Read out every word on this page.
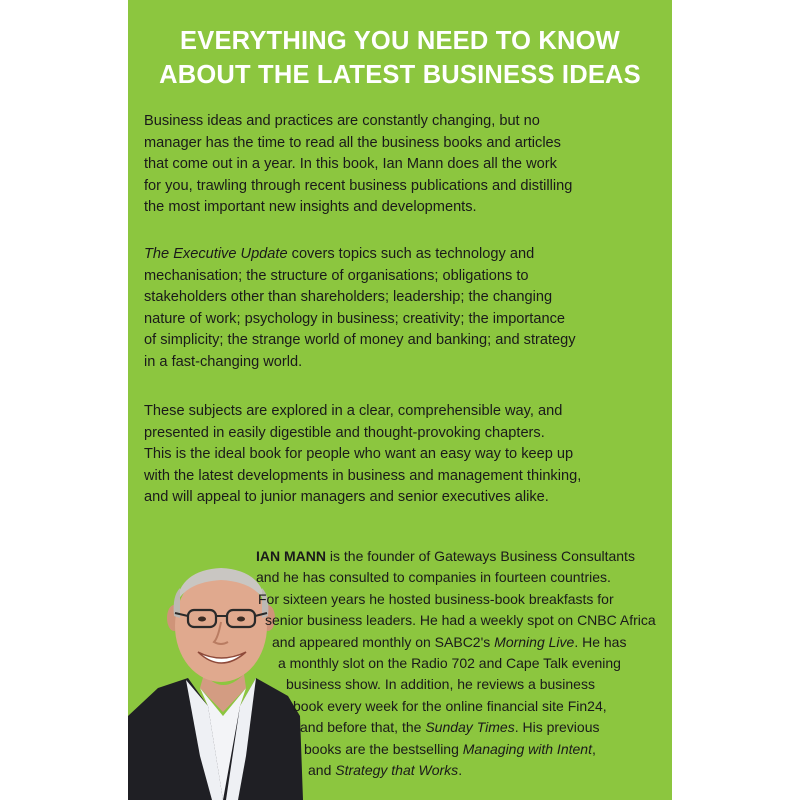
EVERYTHING YOU NEED TO KNOW
ABOUT THE LATEST BUSINESS IDEAS
Business ideas and practices are constantly changing, but no
manager has the time to read all the business books and articles
that come out in a year. In this book, Ian Mann does all the work
for you, trawling through recent business publications and distilling
the most important new insights and developments.
The Executive Update covers topics such as technology and
mechanisation; the structure of organisations; obligations to
stakeholders other than shareholders; leadership; the changing
nature of work; psychology in business; creativity; the importance
of simplicity; the strange world of money and banking; and strategy
in a fast-changing world.
These subjects are explored in a clear, comprehensible way, and
presented in easily digestible and thought-provoking chapters.
This is the ideal book for people who want an easy way to keep up
with the latest developments in business and management thinking,
and will appeal to junior managers and senior executives alike.
IAN MANN is the founder of Gateways Business Consultants
and he has consulted to companies in fourteen countries.
For sixteen years he hosted business-book breakfasts for
senior business leaders. He had a weekly spot on CNBC Africa
and appeared monthly on SABC2's Morning Live. He has
a monthly slot on the Radio 702 and Cape Talk evening
business show. In addition, he reviews a business
book every week for the online financial site Fin24,
and before that, the Sunday Times. His previous
books are the bestselling Managing with Intent,
and Strategy that Works.
